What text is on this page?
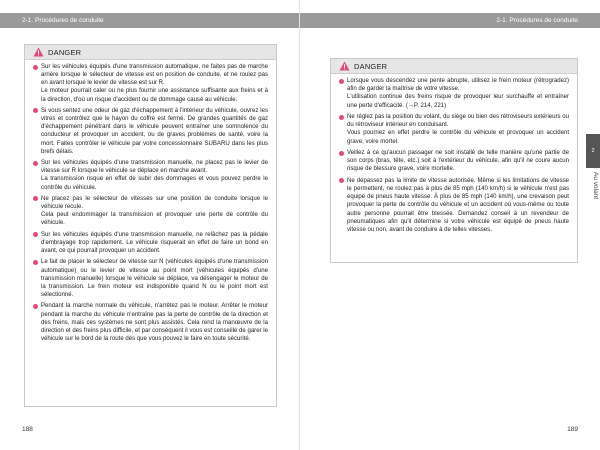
2-1. Procédures de conduite
DANGER

Sur les véhicules équipés d'une transmission automatique, ne faites pas de marche arrière lorsque le sélecteur de vitesse est en position de conduite, et ne roulez pas en avant lorsque le levier de vitesse est sur R.

Le moteur pourrait caler ou ne plus fournir une assistance suffisante aux freins et à la direction, d'où un risque d'accident ou de dommage causé au véhicule.

Si vous sentez une odeur de gaz d'échappement à l'intérieur du véhicule, ouvrez les vitres et contrôlez que le hayon du coffre est fermé. De grandes quantités de gaz d'échappement pénétrant dans le véhicule peuvent entraîner une somnolence du conducteur et provoquer un accident, ou de graves problèmes de santé, voire la mort. Faites contrôler le véhicule par votre concessionnaire SUBARU dans les plus brefs délais.

Sur les véhicules équipés d'une transmission manuelle, ne placez pas le levier de vitesse sur R lorsque le véhicule se déplace en marche avant.

La transmission risque en effet de subir des dommages et vous pouvez perdre le contrôle du véhicule.

Ne placez pas le sélecteur de vitesses sur une position de conduite lorsque le véhicule recule.

Cela peut endommager la transmission et provoquer une perte de contrôle du véhicule.

Sur les véhicules équipés d'une transmission manuelle, ne relâchez pas la pédale d'embrayage trop rapidement. Le véhicule risquerait en effet de faire un bond en avant, ce qui pourrait provoquer un accident.

Le fait de placer le sélecteur de vitesse sur N (véhicules équipés d'une transmission automatique) ou le levier de vitesse au point mort (véhicules équipés d'une transmission manuelle) lorsque le véhicule se déplace, va désengager le moteur de la transmission. Le frein moteur est indisponible quand N ou le point mort est sélectionné.

Pendant la marche normale du véhicule, n'arrêtez pas le moteur. Arrêter le moteur pendant la marche du véhicule n'entraîne pas la perte de contrôle de la direction et des freins, mais ces systèmes ne sont plus assistés. Cela rend la manœuvre de la direction et des freins plus difficile, et par conséquent il vous est conseillé de garer le véhicule sur le bord de la route dès que vous pouvez le faire en toute sécurité.

188
2-1. Procédures de conduite
DANGER

Lorsque vous descendez une pente abrupte, utilisez le frein moteur (rétrogradez) afin de garder la maîtrise de votre vitesse.

L'utilisation continue des freins risque de provoquer leur surchauffe et entraîner une perte d'efficacité. (→P. 214, 221)

Ne réglez pas la position du volant, du siège ou bien des rétroviseurs extérieurs ou du rétroviseur intérieur en conduisant.

Vous pourriez en effet perdre le contrôle du véhicule et provoquer un accident grave, voire mortel.

Veillez à ce qu'aucun passager ne soit installé de telle manière qu'une partie de son corps (bras, tête, etc.) soit à l'extérieur du véhicule, afin qu'il ne coure aucun risque de blessure grave, voire mortelle.

Ne dépassez pas la limite de vitesse autorisée. Même si les limitations de vitesse le permettent, ne roulez pas à plus de 85 mph (140 km/h) si le véhicule n'est pas équipé de pneus haute vitesse. À plus de 85 mph (140 km/h), une crevaison peut provoquer la perte de contrôle du véhicule et un accident où vous-même ou toute autre personne pourrait être blessée. Demandez conseil à un revendeur de pneumatiques afin qu'il détermine si votre véhicule est équipé de pneus haute vitesse ou non, avant de conduire à de telles vitesses.

2
Au volant
189
